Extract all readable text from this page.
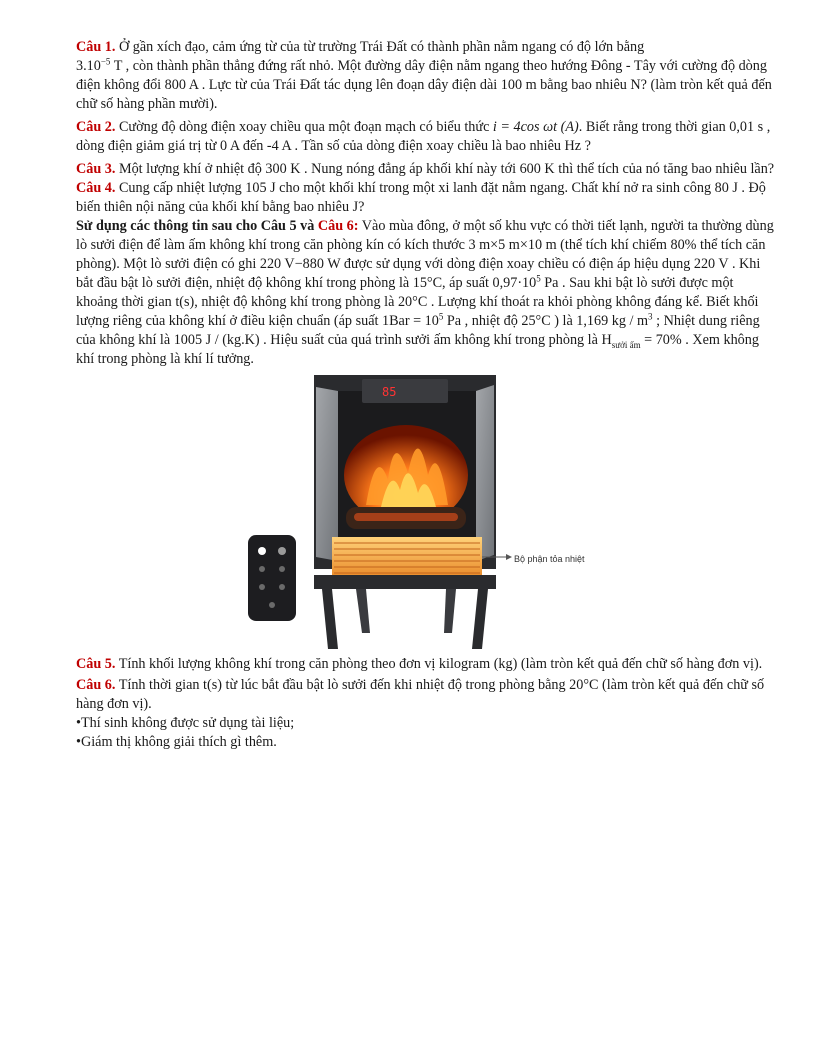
Câu 1. Ở gần xích đạo, cảm ứng từ của từ trường Trái Đất có thành phần nằm ngang có độ lớn bằng
$3.10^{-5}$ T , còn thành phần thẳng đứng rất nhỏ. Một đường dây điện nằm ngang theo hướng Đông - Tây với cường độ dòng điện không đổi 800 A . Lực từ của Trái Đất tác dụng lên đoạn dây điện dài 100 m bằng bao nhiêu N? (làm tròn kết quả đến chữ số hàng phần mười).

Câu 2. Cường độ dòng điện xoay chiều qua một đoạn mạch có biểu thức i = 4cos ωt (A). Biết rằng trong thời gian 0,01 s , dòng điện giảm giá trị từ 0 A đến -4 A . Tần số của dòng điện xoay chiều là bao nhiêu Hz ?

Câu 3. Một lượng khí ở nhiệt độ 300 K . Nung nóng đẳng áp khối khí này tới 600 K thì thể tích của nó tăng bao nhiêu lần?

Câu 4. Cung cấp nhiệt lượng 105 J cho một khối khí trong một xi lanh đặt nằm ngang. Chất khí nở ra sinh công 80 J . Độ biến thiên nội năng của khối khí bằng bao nhiêu J?

Sử dụng các thông tin sau cho Câu 5 và Câu 6: Vào mùa đông, ở một số khu vực có thời tiết lạnh, người ta thường dùng lò sưởi điện để làm ấm không khí trong căn phòng kín có kích thước 3 m×5 m×10 m (thể tích khí chiếm 80% thể tích căn phòng). Một lò sưởi điện có ghi 220 V−880 W được sử dụng với dòng điện xoay chiều có điện áp hiệu dụng 220 V . Khi bắt đầu bật lò sưởi điện, nhiệt độ không khí trong phòng là 15°C, áp suất $0,97\cdot 10^5$ Pa . Sau khi bật lò sưởi được một khoảng thời gian t(s), nhiệt độ không khí trong phòng là 20°C . Lượng khí thoát ra khỏi phòng không đáng kể. Biết khối lượng riêng của không khí ở điều kiện chuẩn (áp suất $1Bar = 10^5$ Pa , nhiệt độ 25°C ) là 1,169 kg / $m^3$ ; Nhiệt dung riêng của không khí là 1005 J / (kg.K) . Hiệu suất của quá trình sưởi ấm không khí trong phòng là $H_{sưởi ấm} = 70\%$ . Xem không khí trong phòng là khí lí tưởng.

85
Bộ phận tỏa nhiệt

Câu 5. Tính khối lượng không khí trong căn phòng theo đơn vị kilogram (kg) (làm tròn kết quả đến chữ số hàng đơn vị).

Câu 6. Tính thời gian t(s) từ lúc bắt đầu bật lò sưởi đến khi nhiệt độ trong phòng bằng 20°C (làm tròn kết quả đến chữ số hàng đơn vị).

• Thí sinh không được sử dụng tài liệu;
• Giám thị không giải thích gì thêm.
